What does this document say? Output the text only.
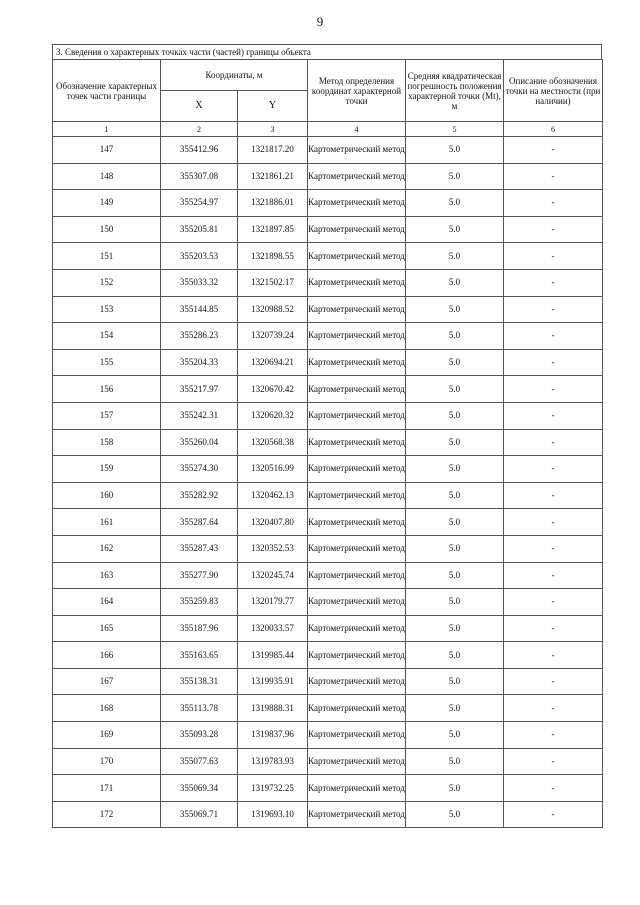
9
3. Сведения о характерных точках части (частей) границы объекта
Обозначение характерных точек части границы	Координаты, м		Метод определения координат характерной точки	Средняя квадратическая погрешность положения характерной точки (Mt), м	Описание обозначения точки на местности (при наличии)
	X	Y			
1	2	3	4	5	6
147	355412.96	1321817.20	Картометрический метод	5.0	-
148	355307.08	1321861.21	Картометрический метод	5.0	-
149	355254.97	1321886.01	Картометрический метод	5.0	-
150	355205.81	1321897.85	Картометрический метод	5.0	-
151	355203.53	1321898.55	Картометрический метод	5.0	-
152	355033.32	1321502.17	Картометрический метод	5.0	-
153	355144.85	1320988.52	Картометрический метод	5.0	-
154	355286.23	1320739.24	Картометрический метод	5.0	-
155	355204.33	1320694.21	Картометрический метод	5.0	-
156	355217.97	1320670.42	Картометрический метод	5.0	-
157	355242.31	1320620.32	Картометрический метод	5.0	-
158	355260.04	1320568.38	Картометрический метод	5.0	-
159	355274.30	1320516.99	Картометрический метод	5.0	-
160	355282.92	1320462.13	Картометрический метод	5.0	-
161	355287.64	1320407.80	Картометрический метод	5.0	-
162	355287.43	1320352.53	Картометрический метод	5.0	-
163	355277.90	1320245.74	Картометрический метод	5.0	-
164	355259.83	1320179.77	Картометрический метод	5.0	-
165	355187.96	1320033.57	Картометрический метод	5.0	-
166	355163.65	1319985.44	Картометрический метод	5.0	-
167	355138.31	1319935.91	Картометрический метод	5.0	-
168	355113.78	1319888.31	Картометрический метод	5.0	-
169	355093.28	1319837.96	Картометрический метод	5.0	-
170	355077.63	1319783.93	Картометрический метод	5.0	-
171	355069.34	1319732.25	Картометрический метод	5.0	-
172	355069.71	1319693.10	Картометрический метод	5.0	-
